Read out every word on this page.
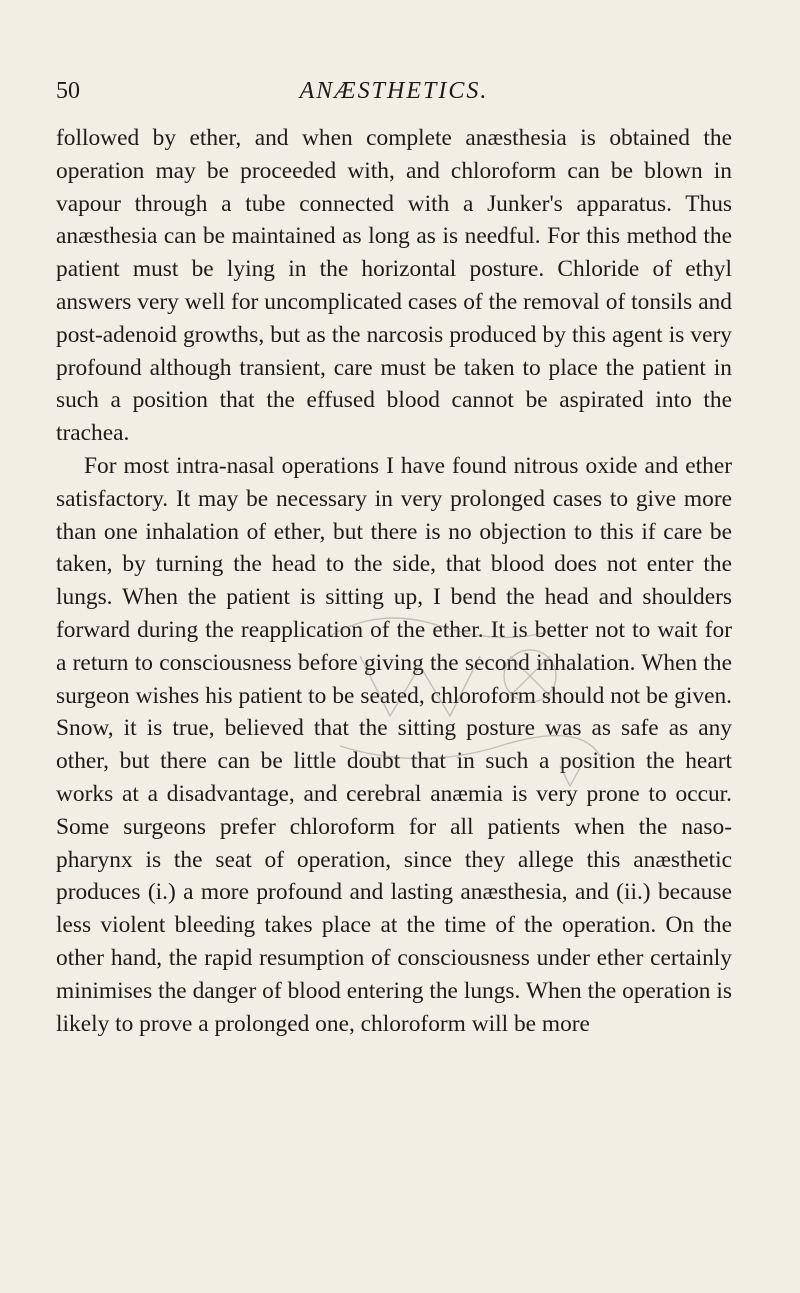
50	ANÆSTHETICS.

followed by ether, and when complete anæsthesia is obtained the operation may be proceeded with, and chloroform can be blown in vapour through a tube connected with a Junker's apparatus. Thus anæsthesia can be maintained as long as is needful. For this method the patient must be lying in the horizontal posture. Chloride of ethyl answers very well for uncomplicated cases of the removal of tonsils and post-adenoid growths, but as the narcosis produced by this agent is very profound although transient, care must be taken to place the patient in such a position that the effused blood cannot be aspirated into the trachea.

For most intra-nasal operations I have found nitrous oxide and ether satisfactory. It may be necessary in very prolonged cases to give more than one inhalation of ether, but there is no objection to this if care be taken, by turning the head to the side, that blood does not enter the lungs. When the patient is sitting up, I bend the head and shoulders forward during the reapplication of the ether. It is better not to wait for a return to consciousness before giving the second inhalation. When the surgeon wishes his patient to be seated, chloroform should not be given. Snow, it is true, believed that the sitting posture was as safe as any other, but there can be little doubt that in such a position the heart works at a disadvantage, and cerebral anæmia is very prone to occur. Some surgeons prefer chloroform for all patients when the naso-pharynx is the seat of operation, since they allege this anæsthetic produces (i.) a more profound and lasting anæsthesia, and (ii.) because less violent bleeding takes place at the time of the operation. On the other hand, the rapid resumption of consciousness under ether certainly minimises the danger of blood entering the lungs. When the operation is likely to prove a prolonged one, chloroform will be more
